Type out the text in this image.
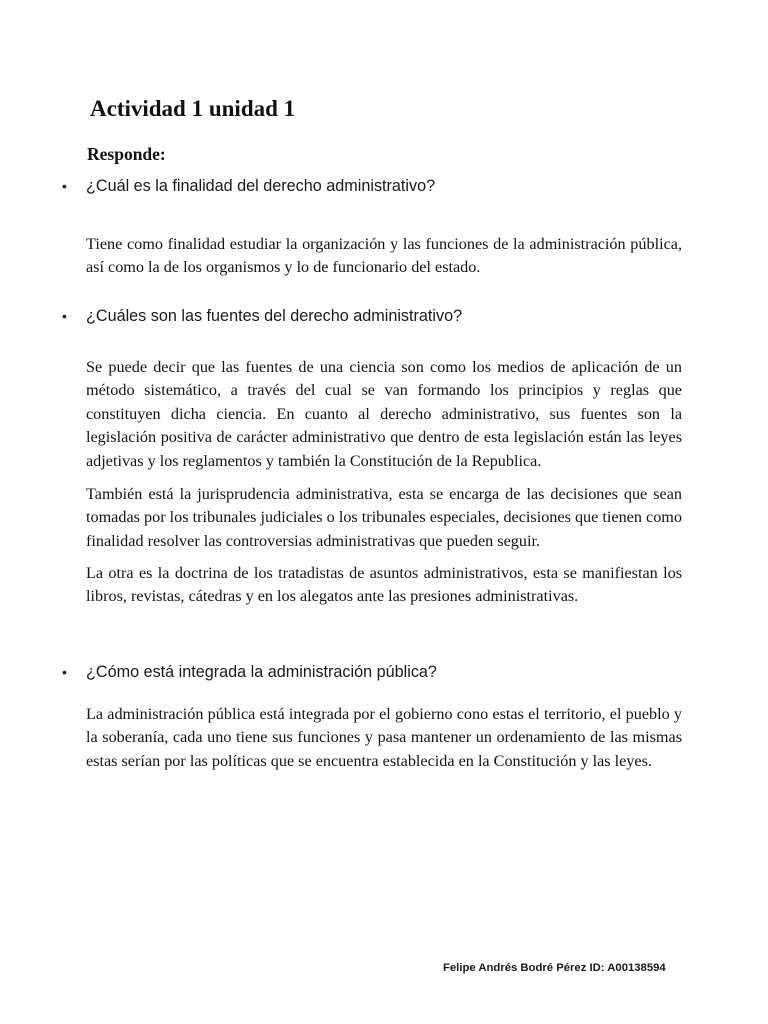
Actividad 1 unidad 1

Responde:

• ¿Cuál es la finalidad del derecho administrativo?

Tiene como finalidad estudiar la organización y las funciones de la administración pública, así como la de los organismos y lo de funcionario del estado.

• ¿Cuáles son las fuentes del derecho administrativo?

Se puede decir que las fuentes de una ciencia son como los medios de aplicación de un método sistemático, a través del cual se van formando los principios y reglas que constituyen dicha ciencia. En cuanto al derecho administrativo, sus fuentes son la legislación positiva de carácter administrativo que dentro de esta legislación están las leyes adjetivas y los reglamentos y también la Constitución de la Republica.

También está la jurisprudencia administrativa, esta se encarga de las decisiones que sean tomadas por los tribunales judiciales o los tribunales especiales, decisiones que tienen como finalidad resolver las controversias administrativas que pueden seguir.

La otra es la doctrina de los tratadistas de asuntos administrativos, esta se manifiestan los libros, revistas, cátedras y en los alegatos ante las presiones administrativas.

• ¿Cómo está integrada la administración pública?

La administración pública está integrada por el gobierno cono estas el territorio, el pueblo y la soberanía, cada uno tiene sus funciones y pasa mantener un ordenamiento de las mismas estas serían por las políticas que se encuentra establecida en la Constitución y las leyes.

Felipe Andrés Bodré Pérez ID: A00138594
